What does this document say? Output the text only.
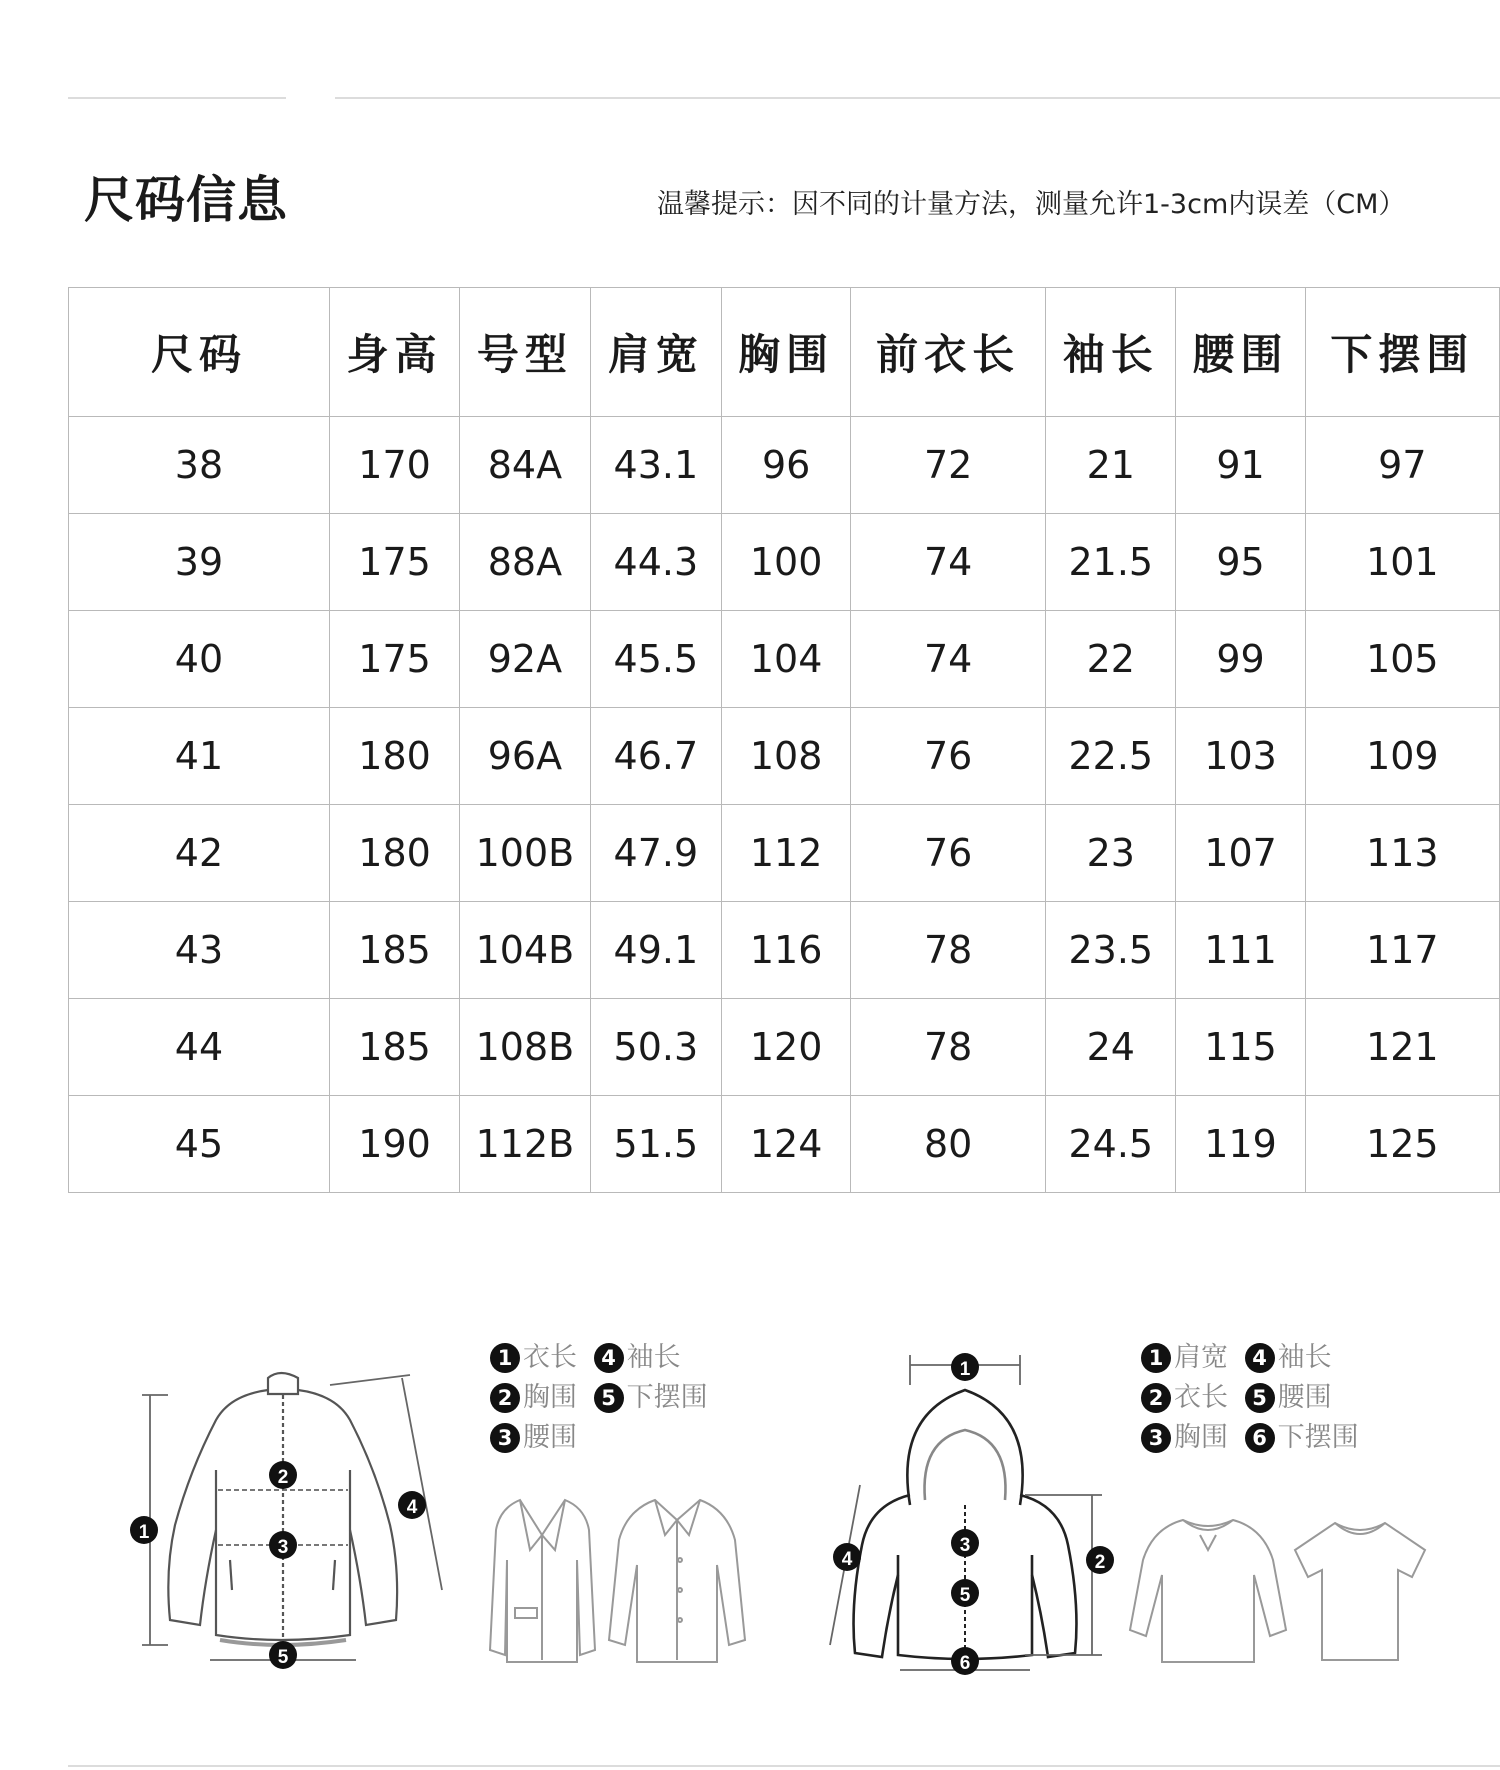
尺码信息	温馨提示：因不同的计量方法，测量允许1-3cm内误差（CM）
尺码	身高	号型	肩宽	胸围	前衣长	袖长	腰围	下摆围
38	170	84A	43.1	96	72	21	91	97
39	175	88A	44.3	100	74	21.5	95	101
40	175	92A	45.5	104	74	22	99	105
41	180	96A	46.7	108	76	22.5	103	109
42	180	100B	47.9	112	76	23	107	113
43	185	104B	49.1	116	78	23.5	111	117
44	185	108B	50.3	120	78	24	115	121
45	190	112B	51.5	124	80	24.5	119	125
1
2
3
4
5
1 衣长 4 袖长
2 胸围 5 下摆围
3 腰围
1
2
3
4
5
6
1 肩宽 4 袖长
2 衣长 5 腰围
3 胸围 6 下摆围
